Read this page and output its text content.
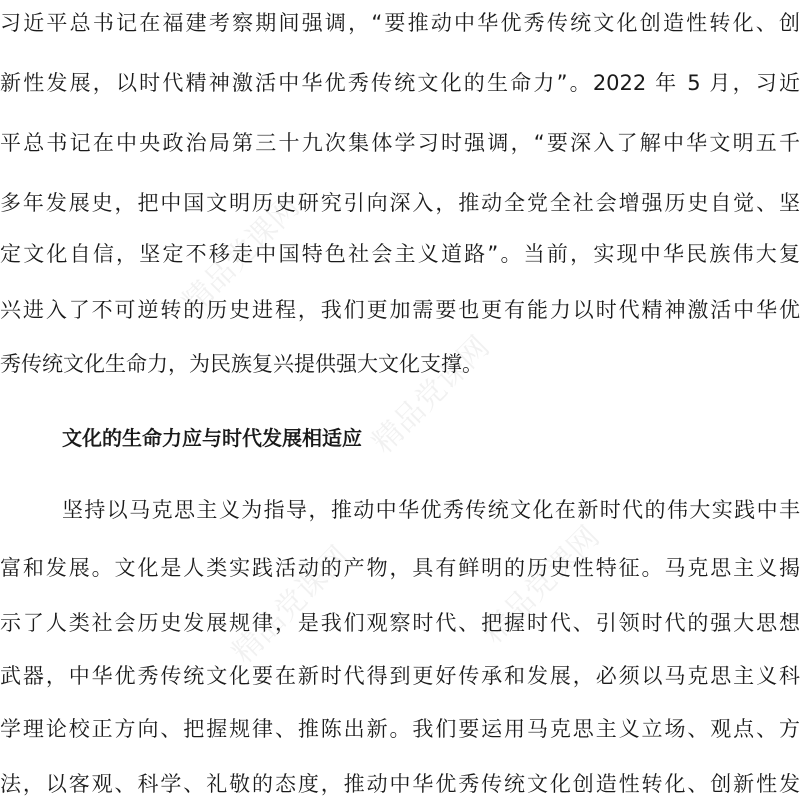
精品党课网
精品党课网
精品党课网	精品党课网
习近平总书记在福建考察期间强调，“要推动中华优秀传统文化创造性转化、创
新性发展，以时代精神激活中华优秀传统文化的生命力”。2022 年 5 月，习近
平总书记在中央政治局第三十九次集体学习时强调，“要深入了解中华文明五千
多年发展史，把中国文明历史研究引向深入，推动全党全社会增强历史自觉、坚
定文化自信，坚定不移走中国特色社会主义道路”。当前，实现中华民族伟大复
兴进入了不可逆转的历史进程，我们更加需要也更有能力以时代精神激活中华优
秀传统文化生命力，为民族复兴提供强大文化支撑。
文化的生命力应与时代发展相适应
坚持以马克思主义为指导，推动中华优秀传统文化在新时代的伟大实践中丰
富和发展。文化是人类实践活动的产物，具有鲜明的历史性特征。马克思主义揭
示了人类社会历史发展规律，是我们观察时代、把握时代、引领时代的强大思想
武器，中华优秀传统文化要在新时代得到更好传承和发展，必须以马克思主义科
学理论校正方向、把握规律、推陈出新。我们要运用马克思主义立场、观点、方
法，以客观、科学、礼敬的态度，推动中华优秀传统文化创造性转化、创新性发
